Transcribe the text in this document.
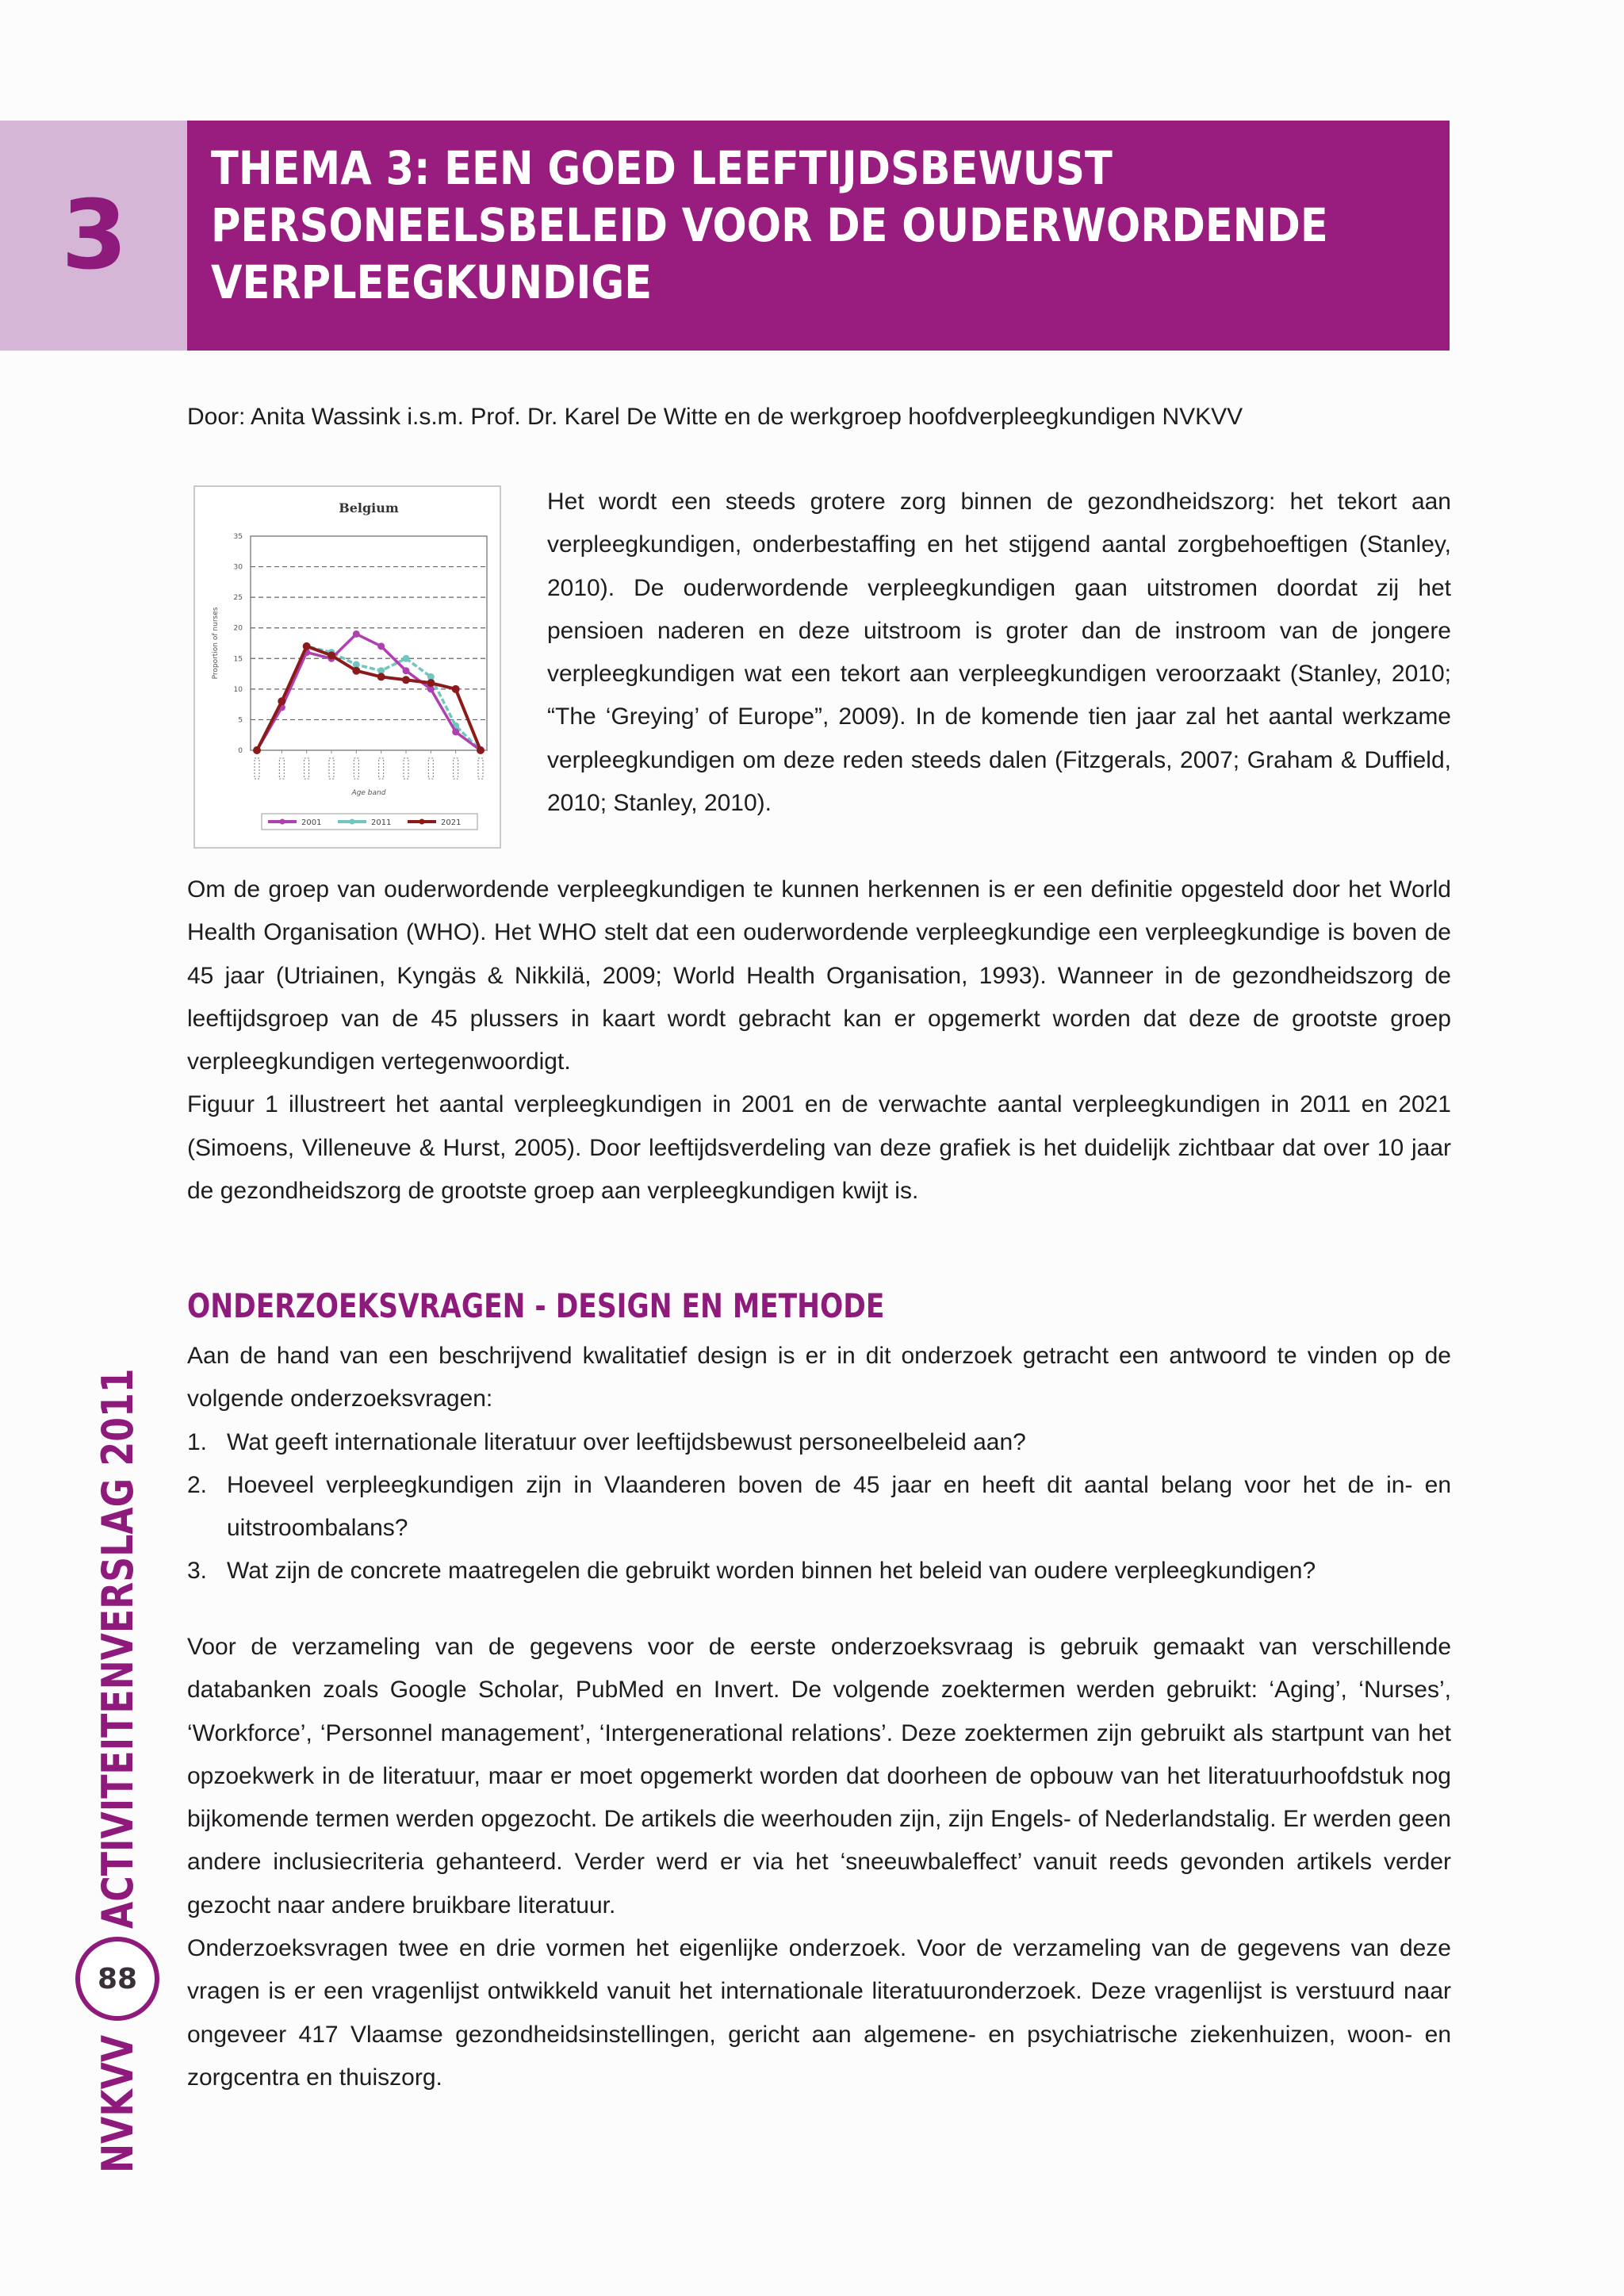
3
THEMA 3: EEN GOED LEEFTIJDSBEWUST
PERSONEELSBELEID VOOR DE OUDERWORDENDE
VERPLEEGKUNDIGE
Door: Anita Wassink i.s.m. Prof. Dr. Karel De Witte en de werkgroep hoofdverpleegkundigen NVKVV
Belgium
0
5
10
15
20
25
30
35
Proportion of nurses
Age band
2001	2011	2021
Het wordt een steeds grotere zorg binnen de gezondheidszorg: het tekort aan verpleegkundigen, onderbestaffing en het stijgend aantal zorgbehoeftigen (Stanley, 2010). De ouderwordende verpleegkundigen gaan uitstromen doordat zij het pensioen naderen en deze uitstroom is groter dan de instroom van de jongere verpleegkundigen wat een tekort aan verpleegkundigen veroorzaakt (Stanley, 2010; “The ‘Greying’ of Europe”, 2009). In de komende tien jaar zal het aantal werkzame verpleegkundigen om deze reden steeds dalen (Fitzgerals, 2007; Graham & Duffield, 2010; Stanley, 2010).
Om de groep van ouderwordende verpleegkundigen te kunnen herkennen is er een definitie opgesteld door het World Health Organisation (WHO). Het WHO stelt dat een ouderwordende verpleegkundige een verpleegkundige is boven de 45 jaar (Utriainen, Kyngäs & Nikkilä, 2009; World Health Organisation, 1993). Wanneer in de gezondheidszorg de leeftijdsgroep van de 45 plussers in kaart wordt gebracht kan er opgemerkt worden dat deze de grootste groep verpleegkundigen vertegenwoordigt.
Figuur 1 illustreert het aantal verpleegkundigen in 2001 en de verwachte aantal verpleegkundigen in 2011 en 2021 (Simoens, Villeneuve & Hurst, 2005). Door leeftijdsverdeling van deze grafiek is het duidelijk zichtbaar dat over 10 jaar de gezondheidszorg de grootste groep aan verpleegkundigen kwijt is.
ONDERZOEKSVRAGEN - DESIGN EN METHODE
Aan de hand van een beschrijvend kwalitatief design is er in dit onderzoek getracht een antwoord te vinden op de volgende onderzoeksvragen:
1. Wat geeft internationale literatuur over leeftijdsbewust personeelbeleid aan?
2. Hoeveel verpleegkundigen zijn in Vlaanderen boven de 45 jaar en heeft dit aantal belang voor het de in- en uitstroombalans?
3. Wat zijn de concrete maatregelen die gebruikt worden binnen het beleid van oudere verpleegkundigen?
Voor de verzameling van de gegevens voor de eerste onderzoeksvraag is gebruik gemaakt van verschillende databanken zoals Google Scholar, PubMed en Invert. De volgende zoektermen werden gebruikt: ‘Aging’, ‘Nurses’, ‘Workforce’, ‘Personnel management’, ‘Intergenerational relations’. Deze zoektermen zijn gebruikt als startpunt van het opzoekwerk in de literatuur, maar er moet opgemerkt worden dat doorheen de opbouw van het literatuurhoofdstuk nog bijkomende termen werden opgezocht. De artikels die weerhouden zijn, zijn Engels- of Nederlandstalig. Er werden geen andere inclusiecriteria gehanteerd. Verder werd er via het ‘sneeuwbaleffect’ vanuit reeds gevonden artikels verder gezocht naar andere bruikbare literatuur.
Onderzoeksvragen twee en drie vormen het eigenlijke onderzoek. Voor de verzameling van de gegevens van deze vragen is er een vragenlijst ontwikkeld vanuit het internationale literatuuronderzoek. Deze vragenlijst is verstuurd naar ongeveer 417 Vlaamse gezondheidsinstellingen, gericht aan algemene- en psychiatrische ziekenhuizen, woon- en zorgcentra en thuiszorg.
NVKVV
88
ACTIVITEITENVERSLAG 2011
